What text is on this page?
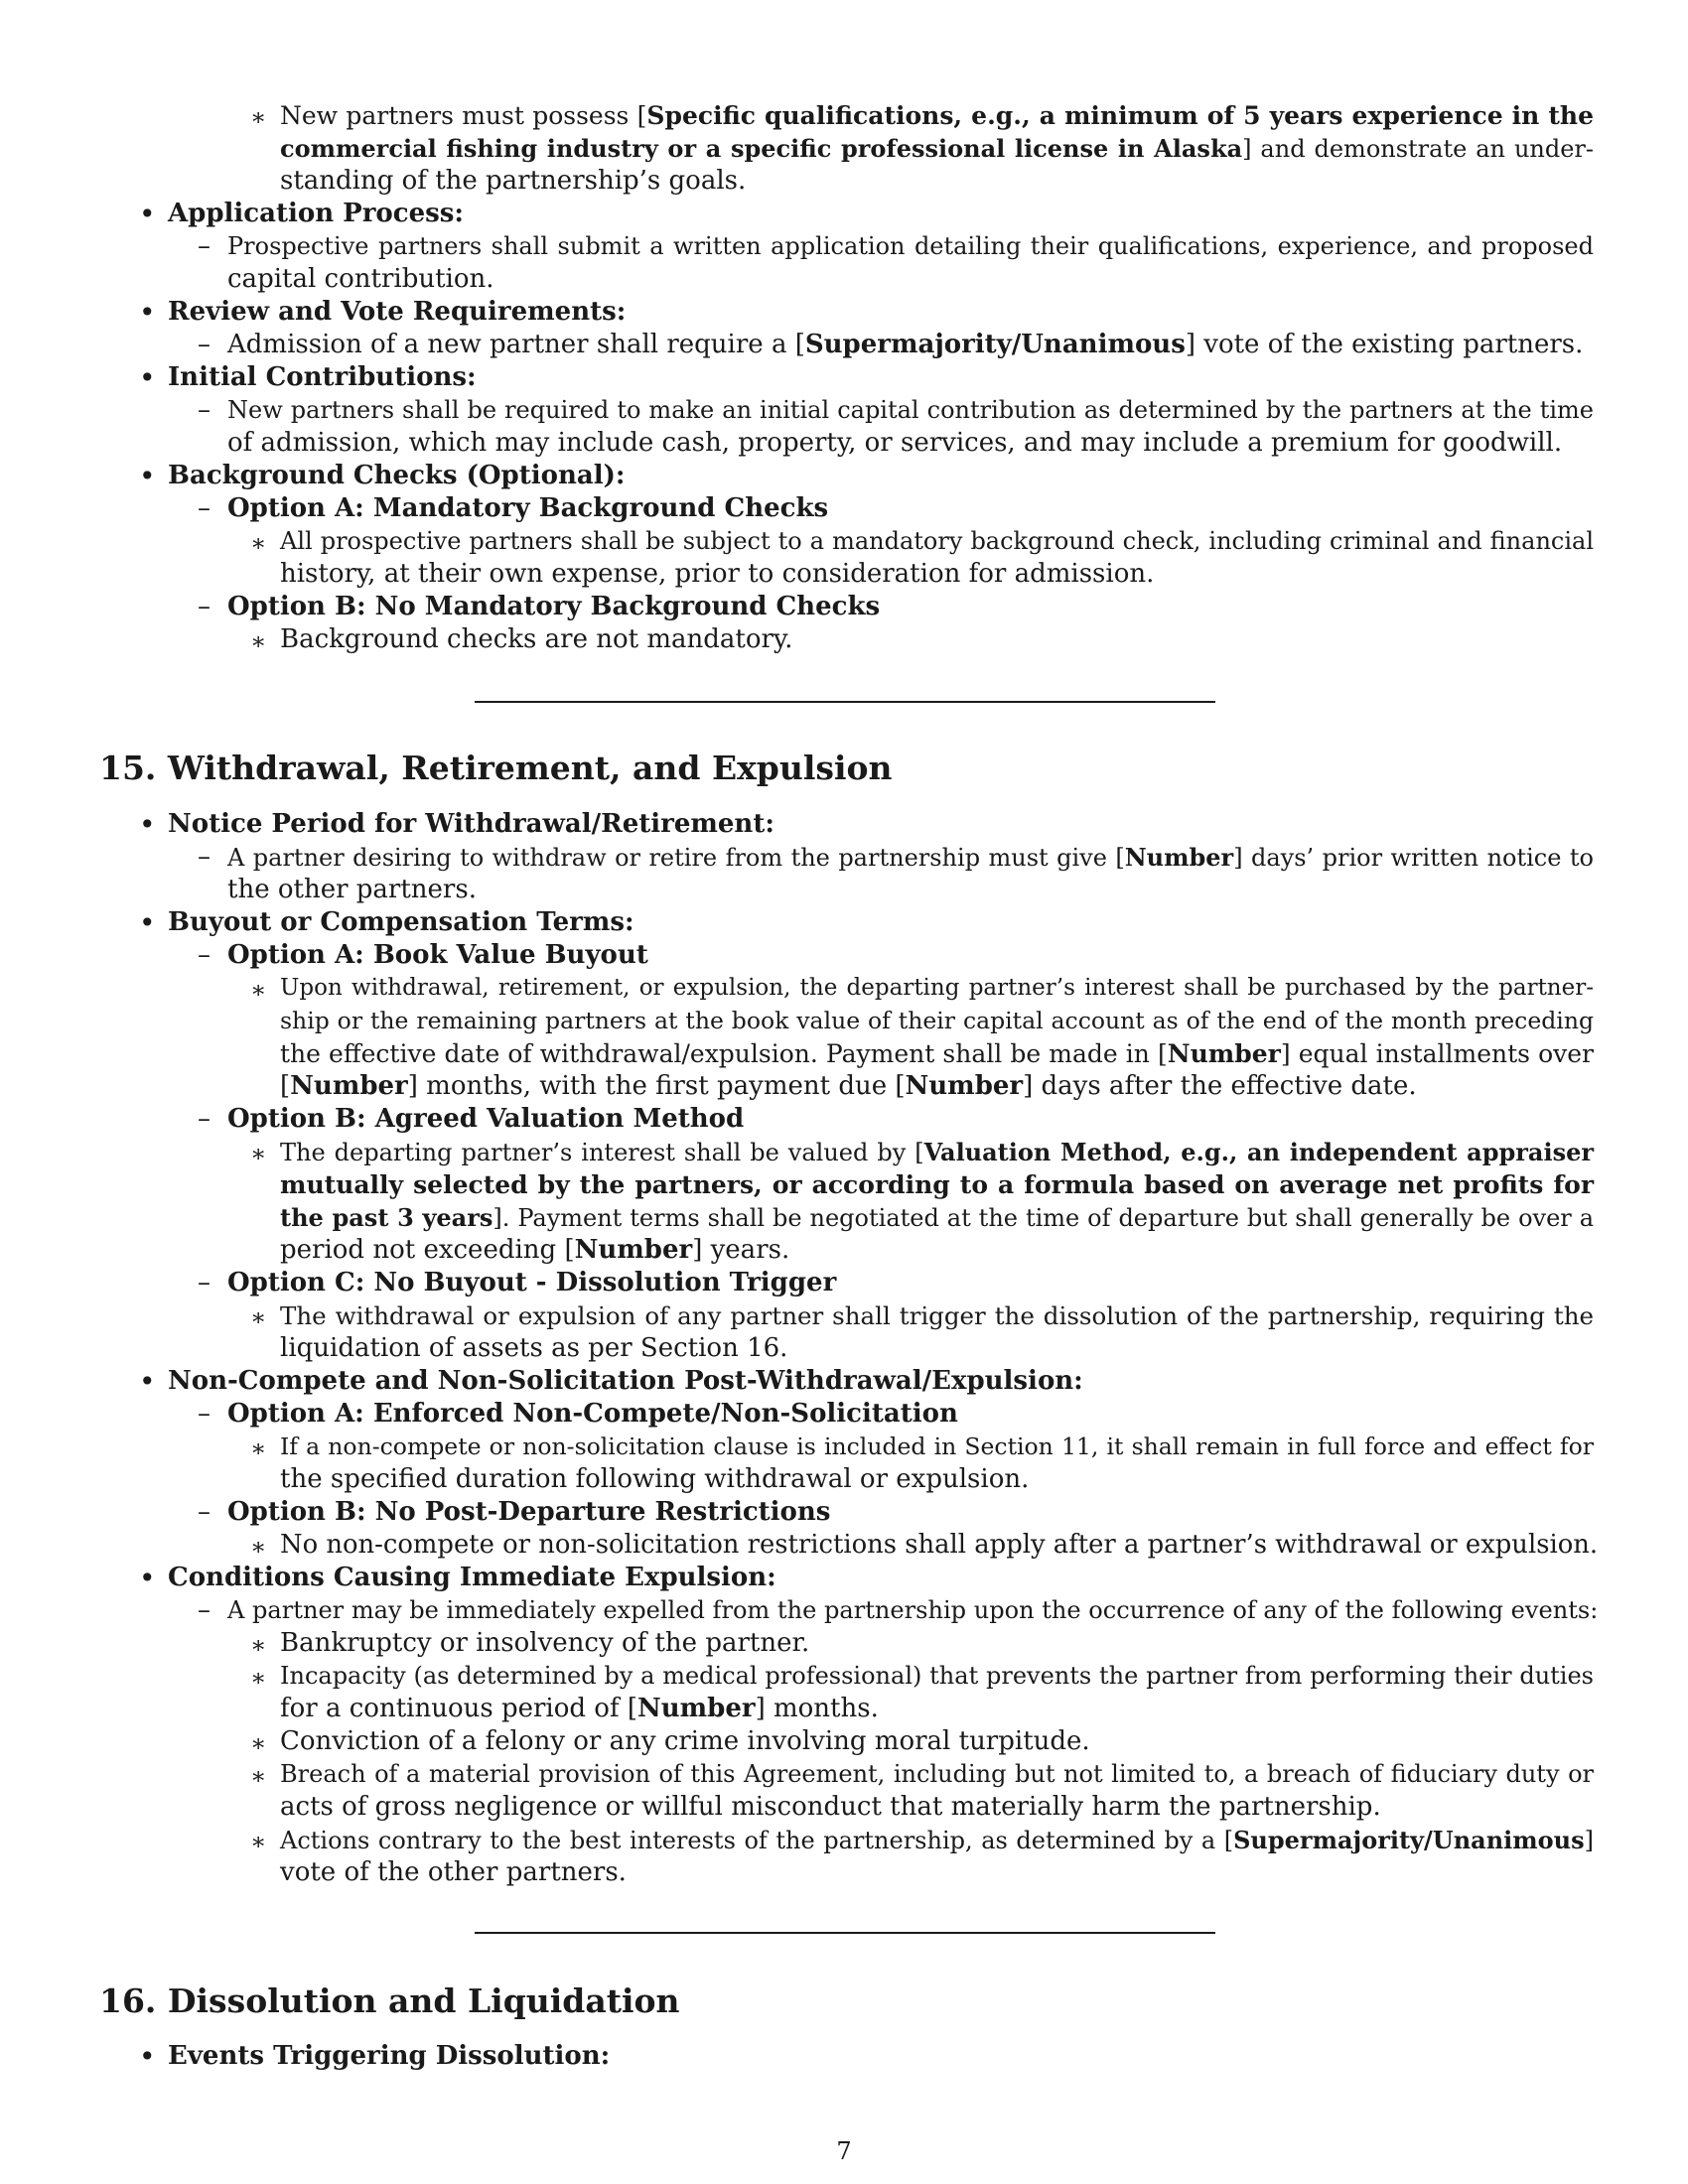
∗ New partners must possess [Specific qualifications, e.g., a minimum of 5 years experience in the
commercial fishing industry or a specific professional license in Alaska] and demonstrate an under-
standing of the partnership’s goals.
• Application Process:
– Prospective partners shall submit a written application detailing their qualifications, experience, and proposed
capital contribution.
• Review and Vote Requirements:
– Admission of a new partner shall require a [Supermajority/Unanimous] vote of the existing partners.
• Initial Contributions:
– New partners shall be required to make an initial capital contribution as determined by the partners at the time
of admission, which may include cash, property, or services, and may include a premium for goodwill.
• Background Checks (Optional):
– Option A: Mandatory Background Checks
∗ All prospective partners shall be subject to a mandatory background check, including criminal and financial
history, at their own expense, prior to consideration for admission.
– Option B: No Mandatory Background Checks
∗ Background checks are not mandatory.
15. Withdrawal, Retirement, and Expulsion
• Notice Period for Withdrawal/Retirement:
– A partner desiring to withdraw or retire from the partnership must give [Number] days’ prior written notice to
the other partners.
• Buyout or Compensation Terms:
– Option A: Book Value Buyout
∗ Upon withdrawal, retirement, or expulsion, the departing partner’s interest shall be purchased by the partner-
ship or the remaining partners at the book value of their capital account as of the end of the month preceding
the effective date of withdrawal/expulsion. Payment shall be made in [Number] equal installments over
[Number] months, with the first payment due [Number] days after the effective date.
– Option B: Agreed Valuation Method
∗ The departing partner’s interest shall be valued by [Valuation Method, e.g., an independent appraiser
mutually selected by the partners, or according to a formula based on average net profits for
the past 3 years]. Payment terms shall be negotiated at the time of departure but shall generally be over a
period not exceeding [Number] years.
– Option C: No Buyout - Dissolution Trigger
∗ The withdrawal or expulsion of any partner shall trigger the dissolution of the partnership, requiring the
liquidation of assets as per Section 16.
• Non-Compete and Non-Solicitation Post-Withdrawal/Expulsion:
– Option A: Enforced Non-Compete/Non-Solicitation
∗ If a non-compete or non-solicitation clause is included in Section 11, it shall remain in full force and effect for
the specified duration following withdrawal or expulsion.
– Option B: No Post-Departure Restrictions
∗ No non-compete or non-solicitation restrictions shall apply after a partner’s withdrawal or expulsion.
• Conditions Causing Immediate Expulsion:
– A partner may be immediately expelled from the partnership upon the occurrence of any of the following events:
∗ Bankruptcy or insolvency of the partner.
∗ Incapacity (as determined by a medical professional) that prevents the partner from performing their duties
for a continuous period of [Number] months.
∗ Conviction of a felony or any crime involving moral turpitude.
∗ Breach of a material provision of this Agreement, including but not limited to, a breach of fiduciary duty or
acts of gross negligence or willful misconduct that materially harm the partnership.
∗ Actions contrary to the best interests of the partnership, as determined by a [Supermajority/Unanimous]
vote of the other partners.
16. Dissolution and Liquidation
• Events Triggering Dissolution:
7
